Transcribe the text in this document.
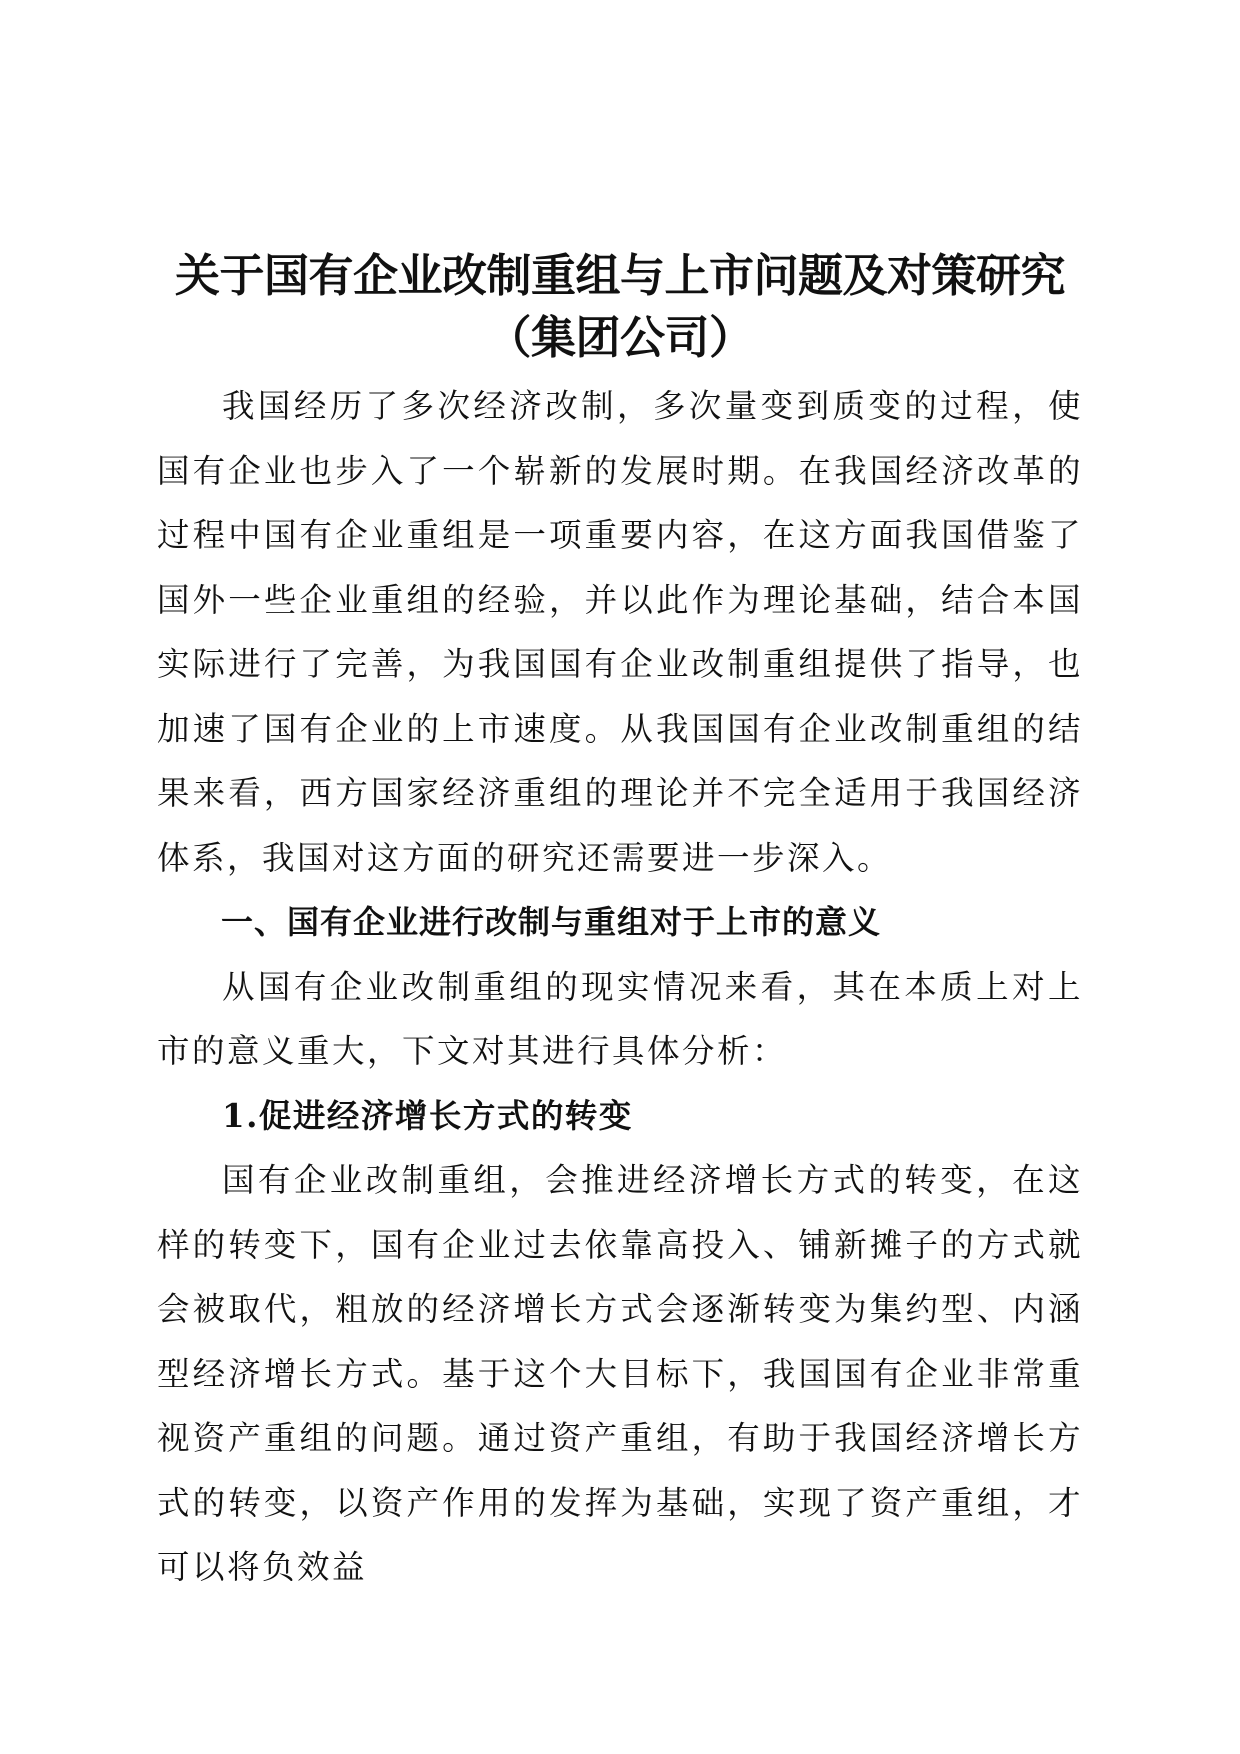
关于国有企业改制重组与上市问题及对策研究
（集团公司）

我国经历了多次经济改制，多次量变到质变的过程，使国有企业也步入了一个崭新的发展时期。在我国经济改革的过程中国有企业重组是一项重要内容，在这方面我国借鉴了国外一些企业重组的经验，并以此作为理论基础，结合本国实际进行了完善，为我国国有企业改制重组提供了指导，也加速了国有企业的上市速度。从我国国有企业改制重组的结果来看，西方国家经济重组的理论并不完全适用于我国经济体系，我国对这方面的研究还需要进一步深入。

一、国有企业进行改制与重组对于上市的意义

从国有企业改制重组的现实情况来看，其在本质上对上市的意义重大，下文对其进行具体分析：

1.促进经济增长方式的转变

国有企业改制重组，会推进经济增长方式的转变，在这样的转变下，国有企业过去依靠高投入、铺新摊子的方式就会被取代，粗放的经济增长方式会逐渐转变为集约型、内涵型经济增长方式。基于这个大目标下，我国国有企业非常重视资产重组的问题。通过资产重组，有助于我国经济增长方式的转变，以资产作用的发挥为基础，实现了资产重组，才可以将负效益
